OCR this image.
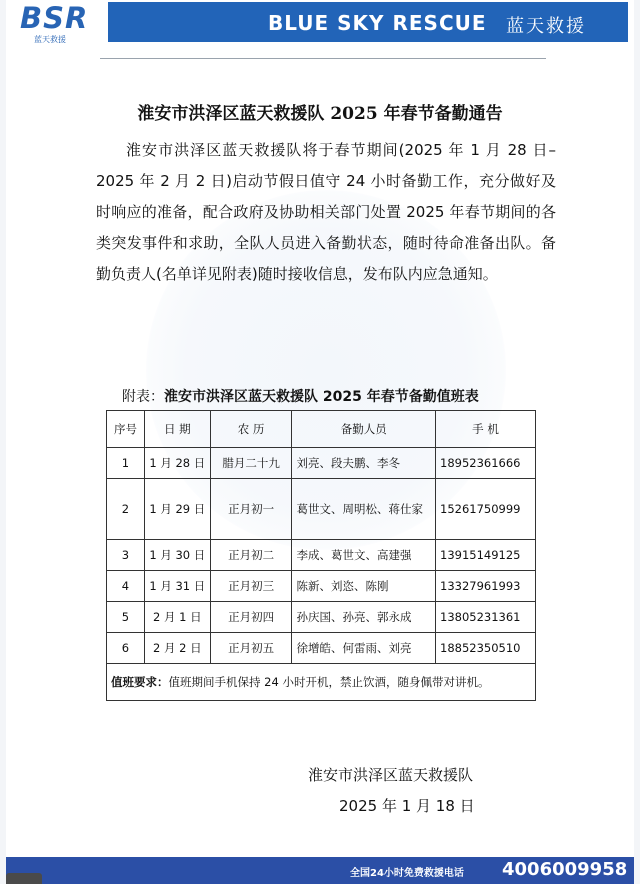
BSR
蓝天救援
BLUE SKY RESCUE 蓝天救援
淮安市洪泽区蓝天救援队 2025 年春节备勤通告
淮安市洪泽区蓝天救援队将于春节期间(2025 年 1 月 28 日–2025 年 2 月 2 日)启动节假日值守 24 小时备勤工作，充分做好及时响应的准备，配合政府及协助相关部门处置 2025 年春节期间的各类突发事件和求助，全队人员进入备勤状态，随时待命准备出队。备勤负责人(名单详见附表)随时接收信息，发布队内应急通知。
附表：淮安市洪泽区蓝天救援队 2025 年春节备勤值班表
序号	日 期	农 历	备勤人员	手 机
1	1 月 28 日	腊月二十九	刘亮、段夫鹏、李冬	18952361666
2	1 月 29 日	正月初一	葛世文、周明松、蒋仕家	15261750999
3	1 月 30 日	正月初二	李成、葛世文、高建强	13915149125
4	1 月 31 日	正月初三	陈新、刘恣、陈刚	13327961993
5	2 月 1 日	正月初四	孙庆国、孙亮、郭永成	13805231361
6	2 月 2 日	正月初五	徐增皓、何雷雨、刘亮	18852350510
值班要求：值班期间手机保持 24 小时开机，禁止饮酒，随身佩带对讲机。				
淮安市洪泽区蓝天救援队
2025 年 1 月 18 日
全国24小时免费救援电话 4006009958
